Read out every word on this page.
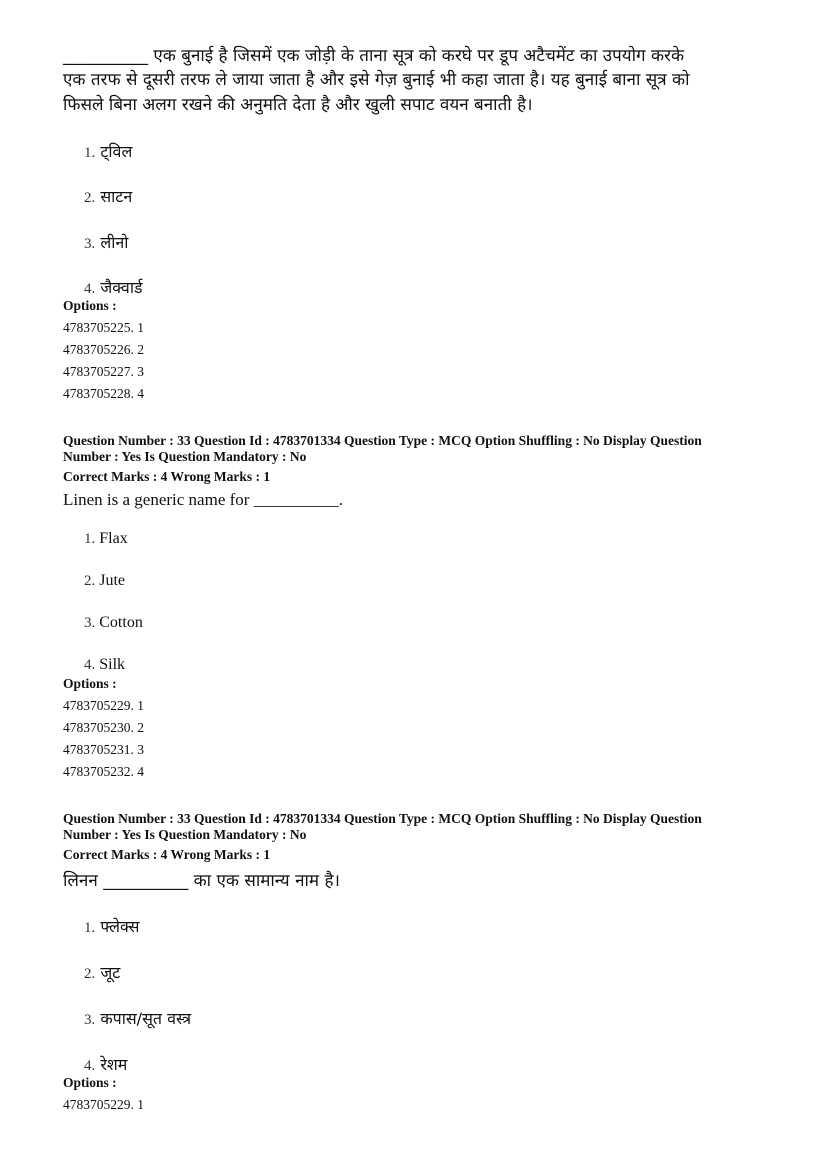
__________ एक बुनाई है जिसमें एक जोड़ी के ताना सूत्र को करघे पर डूप अटैचमेंट का उपयोग करके
एक तरफ से दूसरी तरफ ले जाया जाता है और इसे गेज़ बुनाई भी कहा जाता है। यह बुनाई बाना सूत्र को
फिसले बिना अलग रखने की अनुमति देता है और खुली सपाट वयन बनाती है।
1. ट्विल
2. साटन
3. लीनो
4. जैक्वार्ड
Options :
4783705225. 1
4783705226. 2
4783705227. 3
4783705228. 4
Question Number : 33 Question Id : 4783701334 Question Type : MCQ Option Shuffling : No Display Question
Number : Yes Is Question Mandatory : No
Correct Marks : 4 Wrong Marks : 1
Linen is a generic name for __________.
1. Flax
2. Jute
3. Cotton
4. Silk
Options :
4783705229. 1
4783705230. 2
4783705231. 3
4783705232. 4
Question Number : 33 Question Id : 4783701334 Question Type : MCQ Option Shuffling : No Display Question
Number : Yes Is Question Mandatory : No
Correct Marks : 4 Wrong Marks : 1
लिनन __________ का एक सामान्य नाम है।
1. फ्लेक्स
2. जूट
3. कपास/सूत वस्त्र
4. रेशम
Options :
4783705229. 1
